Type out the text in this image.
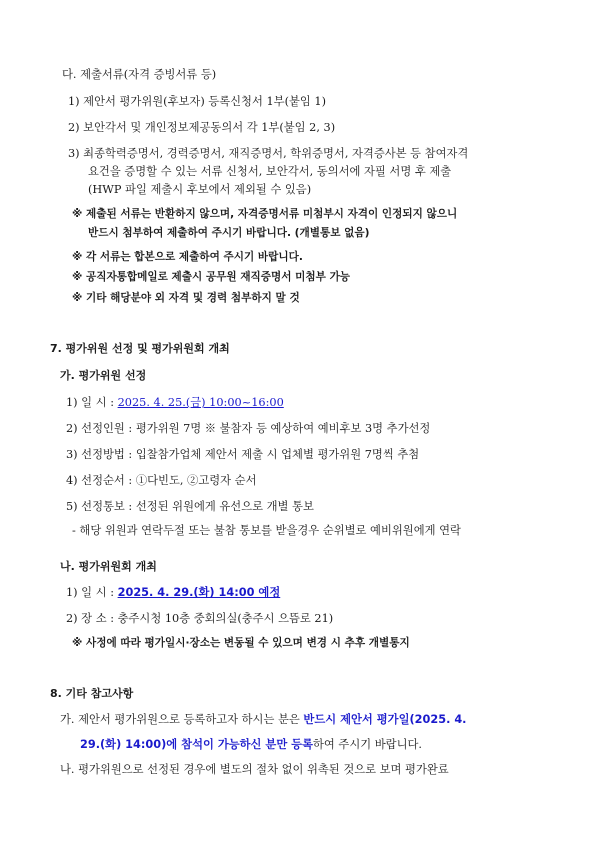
다. 제출서류(자격 증빙서류 등)
1) 제안서 평가위원(후보자) 등록신청서 1부(붙임 1)
2) 보안각서 및 개인정보제공동의서 각 1부(붙임 2, 3)
3) 최종학력증명서, 경력증명서, 재직증명서, 학위증명서, 자격증사본 등 참여자격
요건을 증명할 수 있는 서류 신청서, 보안각서, 동의서에 자필 서명 후 제출
(HWP 파일 제출시 후보에서 제외될 수 있음)
※ 제출된 서류는 반환하지 않으며, 자격증명서류 미첨부시 자격이 인정되지 않으니
반드시 첨부하여 제출하여 주시기 바랍니다. (개별통보 없음)
※ 각 서류는 합본으로 제출하여 주시기 바랍니다.
※ 공직자통합메일로 제출시 공무원 재직증명서 미첨부 가능
※ 기타 해당분야 외 자격 및 경력 첨부하지 말 것
7. 평가위원 선정 및 평가위원회 개최
가. 평가위원 선정
1) 일 시 : 2025. 4. 25.(금) 10:00~16:00
2) 선정인원 : 평가위원 7명 ※ 불참자 등 예상하여 예비후보 3명 추가선정
3) 선정방법 : 입찰참가업체 제안서 제출 시 업체별 평가위원 7명씩 추첨
4) 선정순서 : ①다빈도, ②고령자 순서
5) 선정통보 : 선정된 위원에게 유선으로 개별 통보
- 해당 위원과 연락두절 또는 불참 통보를 받을경우 순위별로 예비위원에게 연락
나. 평가위원회 개최
1) 일 시 : 2025. 4. 29.(화) 14:00 예정
2) 장 소 : 충주시청 10층 중회의실(충주시 으뜸로 21)
※ 사정에 따라 평가일시·장소는 변동될 수 있으며 변경 시 추후 개별통지
8. 기타 참고사항
가. 제안서 평가위원으로 등록하고자 하시는 분은 반드시 제안서 평가일(2025. 4.
29.(화) 14:00)에 참석이 가능하신 분만 등록하여 주시기 바랍니다.
나. 평가위원으로 선정된 경우에 별도의 절차 없이 위촉된 것으로 보며 평가완료
